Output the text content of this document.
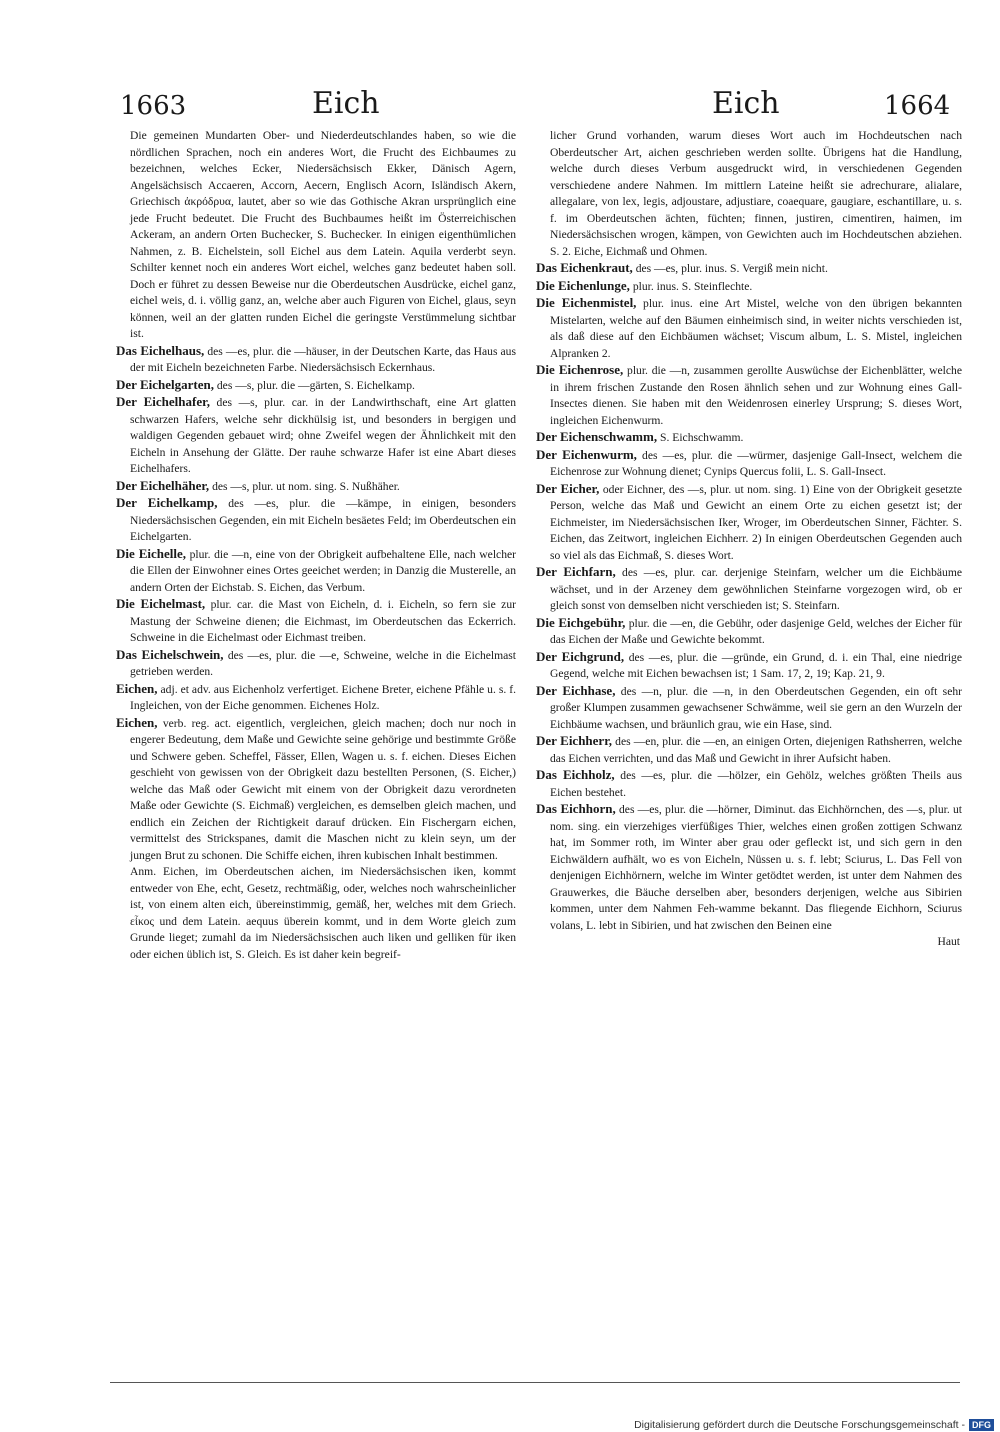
1663	Eich	Eich	1664

Die gemeinen Mundarten Ober- und Niederdeutschlandes haben, so wie die nördlichen Sprachen, noch ein anderes Wort, die Frucht des Eichbaumes zu bezeichnen, welches Ecker, Niedersächsisch Ekker, Dänisch Agern, Angelsächsisch Accaeren, Accorn, Aecern, Englisch Acorn, Isländisch Akern, Griechisch ἀκρόδρυα, lautet, aber so wie das Gothische Akran ursprünglich eine jede Frucht bedeutet. Die Frucht des Buchbaumes heißt im Österreichischen Ackeram, an andern Orten Buchecker, S. Buchecker. In einigen eigenthümlichen Nahmen, z. B. Eichelstein, soll Eichel aus dem Latein. Aquila verderbt seyn. Schilter kennet noch ein anderes Wort eichel, welches ganz bedeutet haben soll. Doch er führet zu dessen Beweise nur die Oberdeutschen Ausdrücke, eichel ganz, eichel weis, d. i. völlig ganz, an, welche aber auch Figuren von Eichel, glaus, seyn können, weil an der glatten runden Eichel die geringste Verstümmelung sichtbar ist.

Das Eichelhaus, des —es, plur. die —häuser, in der Deutschen Karte, das Haus aus der mit Eicheln bezeichneten Farbe. Niedersächsisch Eckernhaus.

Der Eichelgarten, des —s, plur. die —gärten, S. Eichelkamp.

Der Eichelhafer, des —s, plur. car. in der Landwirthschaft, eine Art glatten schwarzen Hafers, welche sehr dickhülsig ist, und besonders in bergigen und waldigen Gegenden gebauet wird; ohne Zweifel wegen der Ähnlichkeit mit den Eicheln in Ansehung der Glätte. Der rauhe schwarze Hafer ist eine Abart dieses Eichelhafers.

Der Eichelhäher, des —s, plur. ut nom. sing. S. Nußhäher.

Der Eichelkamp, des —es, plur. die —kämpe, in einigen, besonders Niedersächsischen Gegenden, ein mit Eicheln besäetes Feld; im Oberdeutschen ein Eichelgarten.

Die Eichelle, plur. die —n, eine von der Obrigkeit aufbehaltene Elle, nach welcher die Ellen der Einwohner eines Ortes geeichet werden; in Danzig die Musterelle, an andern Orten der Eichstab. S. Eichen, das Verbum.

Die Eichelmast, plur. car. die Mast von Eicheln, d. i. Eicheln, so fern sie zur Mastung der Schweine dienen; die Eichmast, im Oberdeutschen das Eckerrich. Schweine in die Eichelmast oder Eichmast treiben.

Das Eichelschwein, des —es, plur. die —e, Schweine, welche in die Eichelmast getrieben werden.

Eichen, adj. et adv. aus Eichenholz verfertiget. Eichene Breter, eichene Pfähle u. s. f. Ingleichen, von der Eiche genommen. Eichenes Holz.

Eichen, verb. reg. act. eigentlich, vergleichen, gleich machen; doch nur noch in engerer Bedeutung, dem Maße und Gewichte seine gehörige und bestimmte Größe und Schwere geben. Scheffel, Fässer, Ellen, Wagen u. s. f. eichen. Dieses Eichen geschieht von gewissen von der Obrigkeit dazu bestellten Personen, (S. Eicher,) welche das Maß oder Gewicht mit einem von der Obrigkeit dazu verordneten Maße oder Gewichte (S. Eichmaß) vergleichen, es demselben gleich machen, und endlich ein Zeichen der Richtigkeit darauf drücken. Ein Fischergarn eichen, vermittelst des Strickspanes, damit die Maschen nicht zu klein seyn, um der jungen Brut zu schonen. Die Schiffe eichen, ihren kubischen Inhalt bestimmen.

Anm. Eichen, im Oberdeutschen aichen, im Niedersächsischen iken, kommt entweder von Ehe, echt, Gesetz, rechtmäßig, oder, welches noch wahrscheinlicher ist, von einem alten eich, übereinstimmig, gemäß, her, welches mit dem Griech. εἶκος und dem Latein. aequus überein kommt, und in dem Worte gleich zum Grunde lieget; zumahl da im Niedersächsischen auch liken und gelliken für iken oder eichen üblich ist, S. Gleich. Es ist daher kein begreif-

licher Grund vorhanden, warum dieses Wort auch im Hochdeutschen nach Oberdeutscher Art, aichen geschrieben werden sollte. Übrigens hat die Handlung, welche durch dieses Verbum ausgedruckt wird, in verschiedenen Gegenden verschiedene andere Nahmen. Im mittlern Lateine heißt sie adrechurare, alialare, allegalare, von lex, legis, adjoustare, adjustiare, coaequare, gaugiare, eschantillare, u. s. f. im Oberdeutschen ächten, füchten; finnen, justiren, cimentiren, haimen, im Niedersächsischen wrogen, kämpen, von Gewichten auch im Hochdeutschen abziehen. S. 2. Eiche, Eichmaß und Ohmen.

Das Eichenkraut, des —es, plur. inus. S. Vergiß mein nicht.

Die Eichenlunge, plur. inus. S. Steinflechte.

Die Eichenmistel, plur. inus. eine Art Mistel, welche von den übrigen bekannten Mistelarten, welche auf den Bäumen einheimisch sind, in weiter nichts verschieden ist, als daß diese auf den Eichbäumen wächset; Viscum album, L. S. Mistel, ingleichen Alpranken 2.

Die Eichenrose, plur. die —n, zusammen gerollte Auswüchse der Eichenblätter, welche in ihrem frischen Zustande den Rosen ähnlich sehen und zur Wohnung eines Gall-Insectes dienen. Sie haben mit den Weidenrosen einerley Ursprung; S. dieses Wort, ingleichen Eichenwurm.

Der Eichenschwamm, S. Eichschwamm.

Der Eichenwurm, des —es, plur. die —würmer, dasjenige Gall-Insect, welchem die Eichenrose zur Wohnung dienet; Cynips Quercus folii, L. S. Gall-Insect.

Der Eicher, oder Eichner, des —s, plur. ut nom. sing. 1) Eine von der Obrigkeit gesetzte Person, welche das Maß und Gewicht an einem Orte zu eichen gesetzt ist; der Eichmeister, im Niedersächsischen Iker, Wroger, im Oberdeutschen Sinner, Fächter. S. Eichen, das Zeitwort, ingleichen Eichherr. 2) In einigen Oberdeutschen Gegenden auch so viel als das Eichmaß, S. dieses Wort.

Der Eichfarn, des —es, plur. car. derjenige Steinfarn, welcher um die Eichbäume wächset, und in der Arzeney dem gewöhnlichen Steinfarne vorgezogen wird, ob er gleich sonst von demselben nicht verschieden ist; S. Steinfarn.

Die Eichgebühr, plur. die —en, die Gebühr, oder dasjenige Geld, welches der Eicher für das Eichen der Maße und Gewichte bekommt.

Der Eichgrund, des —es, plur. die —gründe, ein Grund, d. i. ein Thal, eine niedrige Gegend, welche mit Eichen bewachsen ist; 1 Sam. 17, 2, 19; Kap. 21, 9.

Der Eichhase, des —n, plur. die —n, in den Oberdeutschen Gegenden, ein oft sehr großer Klumpen zusammen gewachsener Schwämme, weil sie gern an den Wurzeln der Eichbäume wachsen, und bräunlich grau, wie ein Hase, sind.

Der Eichherr, des —en, plur. die —en, an einigen Orten, diejenigen Rathsherren, welche das Eichen verrichten, und das Maß und Gewicht in ihrer Aufsicht haben.

Das Eichholz, des —es, plur. die —hölzer, ein Gehölz, welches größten Theils aus Eichen bestehet.

Das Eichhorn, des —es, plur. die —hörner, Diminut. das Eichhörnchen, des —s, plur. ut nom. sing. ein vierzehiges vierfüßiges Thier, welches einen großen zottigen Schwanz hat, im Sommer roth, im Winter aber grau oder gefleckt ist, und sich gern in den Eichwäldern aufhält, wo es von Eicheln, Nüssen u. s. f. lebt; Sciurus, L. Das Fell von denjenigen Eichhörnern, welche im Winter getödtet werden, ist unter dem Nahmen des Grauwerkes, die Bäuche derselben aber, besonders derjenigen, welche aus Sibirien kommen, unter dem Nahmen Feh-wamme bekannt. Das fliegende Eichhorn, Sciurus volans, L. lebt in Sibirien, und hat zwischen den Beinen eine

Haut

Digitalisierung gefördert durch die Deutsche Forschungsgemeinschaft - DFG
